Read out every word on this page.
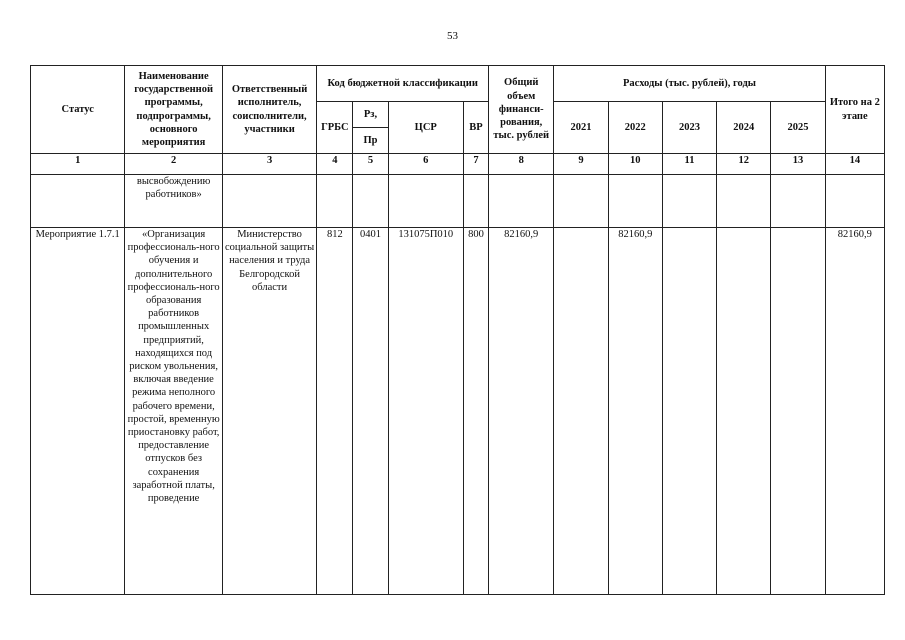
53
Статус	Наименование государственной программы, подпрограммы, основного мероприятия	Ответственный исполнитель, соисполнители, участники	Код бюджетной классификации				Общий объем финанси-рования, тыс. рублей	Расходы (тыс. рублей), годы					Итого на 2 этапе
			ГРБС	Рз,	ЦСР	ВР		2021	2022	2023	2024	2025	
				Пр									
1	2	3	4	5	6	7	8	9	10	11	12	13	14
	высвобождению работников»												
Мероприятие 1.7.1	«Организация профессиональ-ного обучения и дополнительного профессиональ-ного образования работников промышленных предприятий, находящихся под риском увольнения, включая введение режима неполного рабочего времени, простой, временную приостановку работ, предоставление отпусков без сохранения заработной платы, проведение	Министерство социальной защиты населения и труда Белгородской области	812	0401	131075П010	800	82160,9		82160,9				82160,9
